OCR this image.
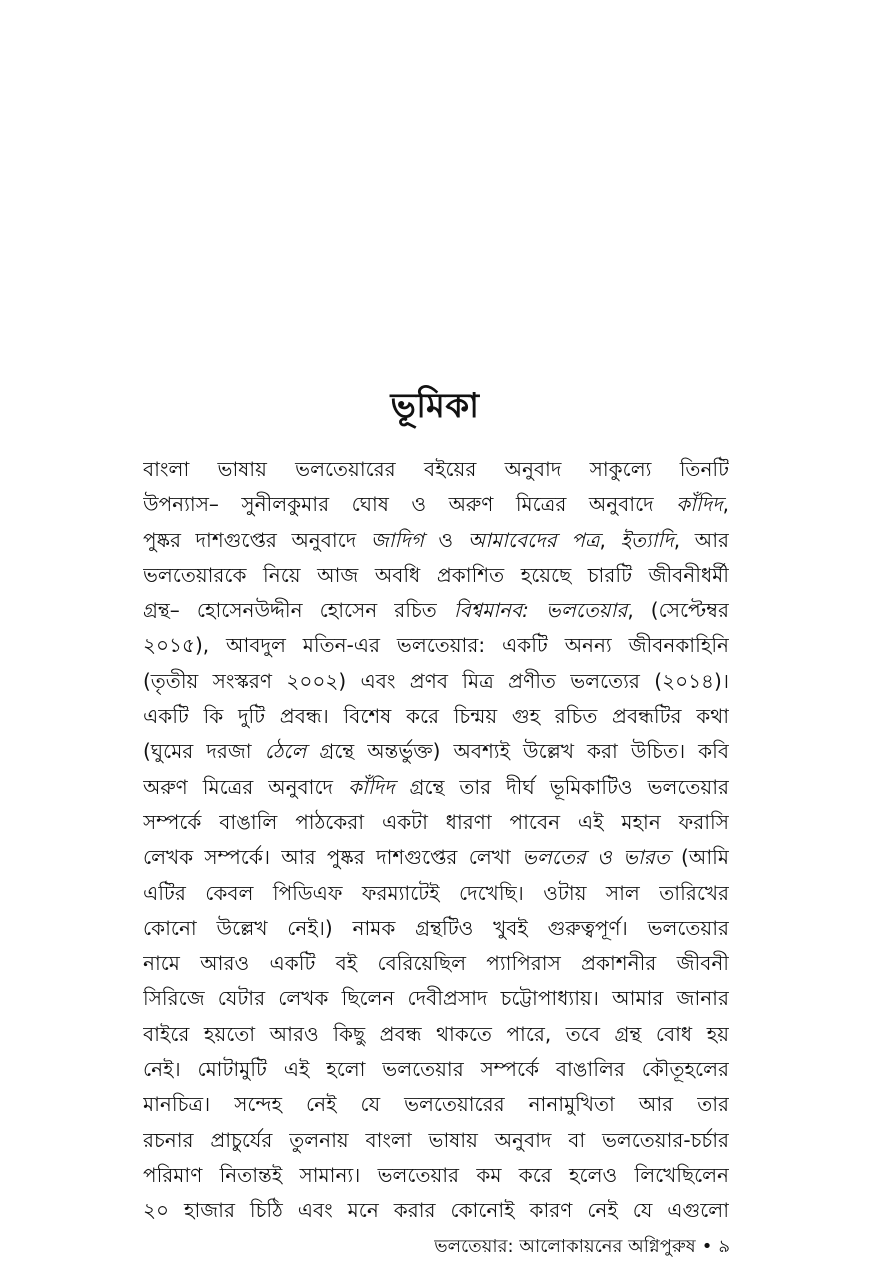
ভূমিকা
বাংলা ভাষায় ভলতেয়ারের বইয়ের অনুবাদ সাকুল্যে তিনটি
উপন্যাস– সুনীলকুমার ঘোষ ও অরুণ মিত্রের অনুবাদে কাঁদিদ,
পুষ্কর দাশগুপ্তের অনুবাদে জাদিগ ও আমাবেদের পত্র, ইত্যাদি, আর
ভলতেয়ারকে নিয়ে আজ অবধি প্রকাশিত হয়েছে চারটি জীবনীধর্মী
গ্রন্থ– হোসেনউদ্দীন হোসেন রচিত বিশ্বমানব: ভলতেয়ার, (সেপ্টেম্বর
২০১৫), আবদুল মতিন-এর ভলতেয়ার: একটি অনন্য জীবনকাহিনি
(তৃতীয় সংস্করণ ২০০২) এবং প্রণব মিত্র প্রণীত ভলত্যের (২০১৪)।
একটি কি দুটি প্রবন্ধ। বিশেষ করে চিন্ময় গুহ রচিত প্রবন্ধটির কথা
(ঘুমের দরজা ঠেলে গ্রন্থে অন্তর্ভুক্ত) অবশ্যই উল্লেখ করা উচিত। কবি
অরুণ মিত্রের অনুবাদে কাঁদিদ গ্রন্থে তার দীর্ঘ ভূমিকাটিও ভলতেয়ার
সম্পর্কে বাঙালি পাঠকেরা একটা ধারণা পাবেন এই মহান ফরাসি
লেখক সম্পর্কে। আর পুষ্কর দাশগুপ্তের লেখা ভলতের ও ভারত (আমি
এটির কেবল পিডিএফ ফরম্যাটেই দেখেছি। ওটায় সাল তারিখের
কোনো উল্লেখ নেই।) নামক গ্রন্থটিও খুবই গুরুত্বপূর্ণ। ভলতেয়ার
নামে আরও একটি বই বেরিয়েছিল প্যাপিরাস প্রকাশনীর জীবনী
সিরিজে যেটার লেখক ছিলেন দেবীপ্রসাদ চট্টোপাধ্যায়। আমার জানার
বাইরে হয়তো আরও কিছু প্রবন্ধ থাকতে পারে, তবে গ্রন্থ বোধ হয়
নেই। মোটামুটি এই হলো ভলতেয়ার সম্পর্কে বাঙালির কৌতূহলের
মানচিত্র। সন্দেহ নেই যে ভলতেয়ারের নানামুখিতা আর তার
রচনার প্রাচুর্যের তুলনায় বাংলা ভাষায় অনুবাদ বা ভলতেয়ার-চর্চার
পরিমাণ নিতান্তই সামান্য। ভলতেয়ার কম করে হলেও লিখেছিলেন
২০ হাজার চিঠি এবং মনে করার কোনোই কারণ নেই যে এগুলো
ভলতেয়ার: আলোকায়নের অগ্নিপুরুষ • ৯
